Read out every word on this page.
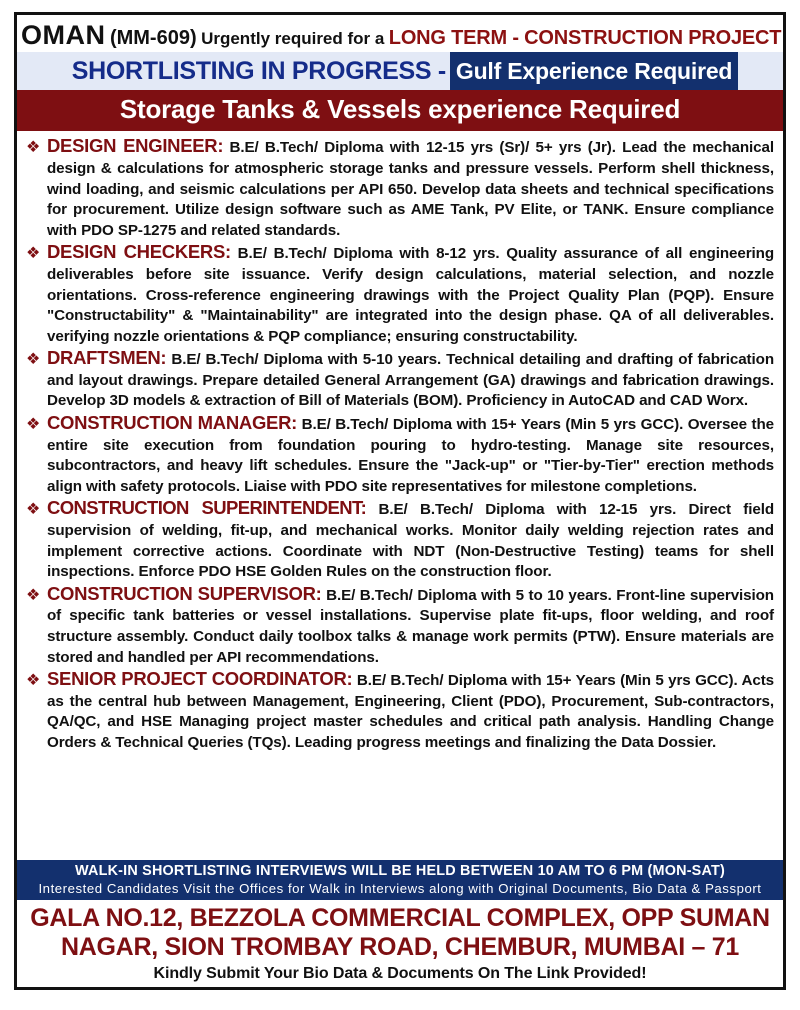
OMAN (MM-609) Urgently required for a LONG TERM - CONSTRUCTION PROJECT
SHORTLISTING IN PROGRESS - Gulf Experience Required
Storage Tanks & Vessels experience Required
❖ DESIGN ENGINEER: B.E/ B.Tech/ Diploma with 12-15 yrs (Sr)/ 5+ yrs (Jr). Lead the mechanical design & calculations for atmospheric storage tanks and pressure vessels. Perform shell thickness, wind loading, and seismic calculations per API 650. Develop data sheets and technical specifications for procurement. Utilize design software such as AME Tank, PV Elite, or TANK. Ensure compliance with PDO SP-1275 and related standards.
❖ DESIGN CHECKERS: B.E/ B.Tech/ Diploma with 8-12 yrs. Quality assurance of all engineering deliverables before site issuance. Verify design calculations, material selection, and nozzle orientations. Cross-reference engineering drawings with the Project Quality Plan (PQP). Ensure "Constructability" & "Maintainability" are integrated into the design phase. QA of all deliverables. verifying nozzle orientations & PQP compliance; ensuring constructability.
❖ DRAFTSMEN: B.E/ B.Tech/ Diploma with 5-10 years. Technical detailing and drafting of fabrication and layout drawings. Prepare detailed General Arrangement (GA) drawings and fabrication drawings. Develop 3D models & extraction of Bill of Materials (BOM). Proficiency in AutoCAD and CAD Worx.
❖ CONSTRUCTION MANAGER: B.E/ B.Tech/ Diploma with 15+ Years (Min 5 yrs GCC). Oversee the entire site execution from foundation pouring to hydro-testing. Manage site resources, subcontractors, and heavy lift schedules. Ensure the "Jack-up" or "Tier-by-Tier" erection methods align with safety protocols. Liaise with PDO site representatives for milestone completions.
❖ CONSTRUCTION SUPERINTENDENT: B.E/ B.Tech/ Diploma with 12-15 yrs. Direct field supervision of welding, fit-up, and mechanical works. Monitor daily welding rejection rates and implement corrective actions. Coordinate with NDT (Non-Destructive Testing) teams for shell inspections. Enforce PDO HSE Golden Rules on the construction floor.
❖ CONSTRUCTION SUPERVISOR: B.E/ B.Tech/ Diploma with 5 to 10 years. Front-line supervision of specific tank batteries or vessel installations. Supervise plate fit-ups, floor welding, and roof structure assembly. Conduct daily toolbox talks & manage work permits (PTW). Ensure materials are stored and handled per API recommendations.
❖ SENIOR PROJECT COORDINATOR: B.E/ B.Tech/ Diploma with 15+ Years (Min 5 yrs GCC). Acts as the central hub between Management, Engineering, Client (PDO), Procurement, Sub-contractors, QA/QC, and HSE Managing project master schedules and critical path analysis. Handling Change Orders & Technical Queries (TQs). Leading progress meetings and finalizing the Data Dossier.
WALK-IN SHORTLISTING INTERVIEWS WILL BE HELD BETWEEN 10 AM TO 6 PM (MON-SAT)
Interested Candidates Visit the Offices for Walk in Interviews along with Original Documents, Bio Data & Passport
GALA NO.12, BEZZOLA COMMERCIAL COMPLEX, OPP SUMAN
NAGAR, SION TROMBAY ROAD, CHEMBUR, MUMBAI – 71
Kindly Submit Your Bio Data & Documents On The Link Provided!
